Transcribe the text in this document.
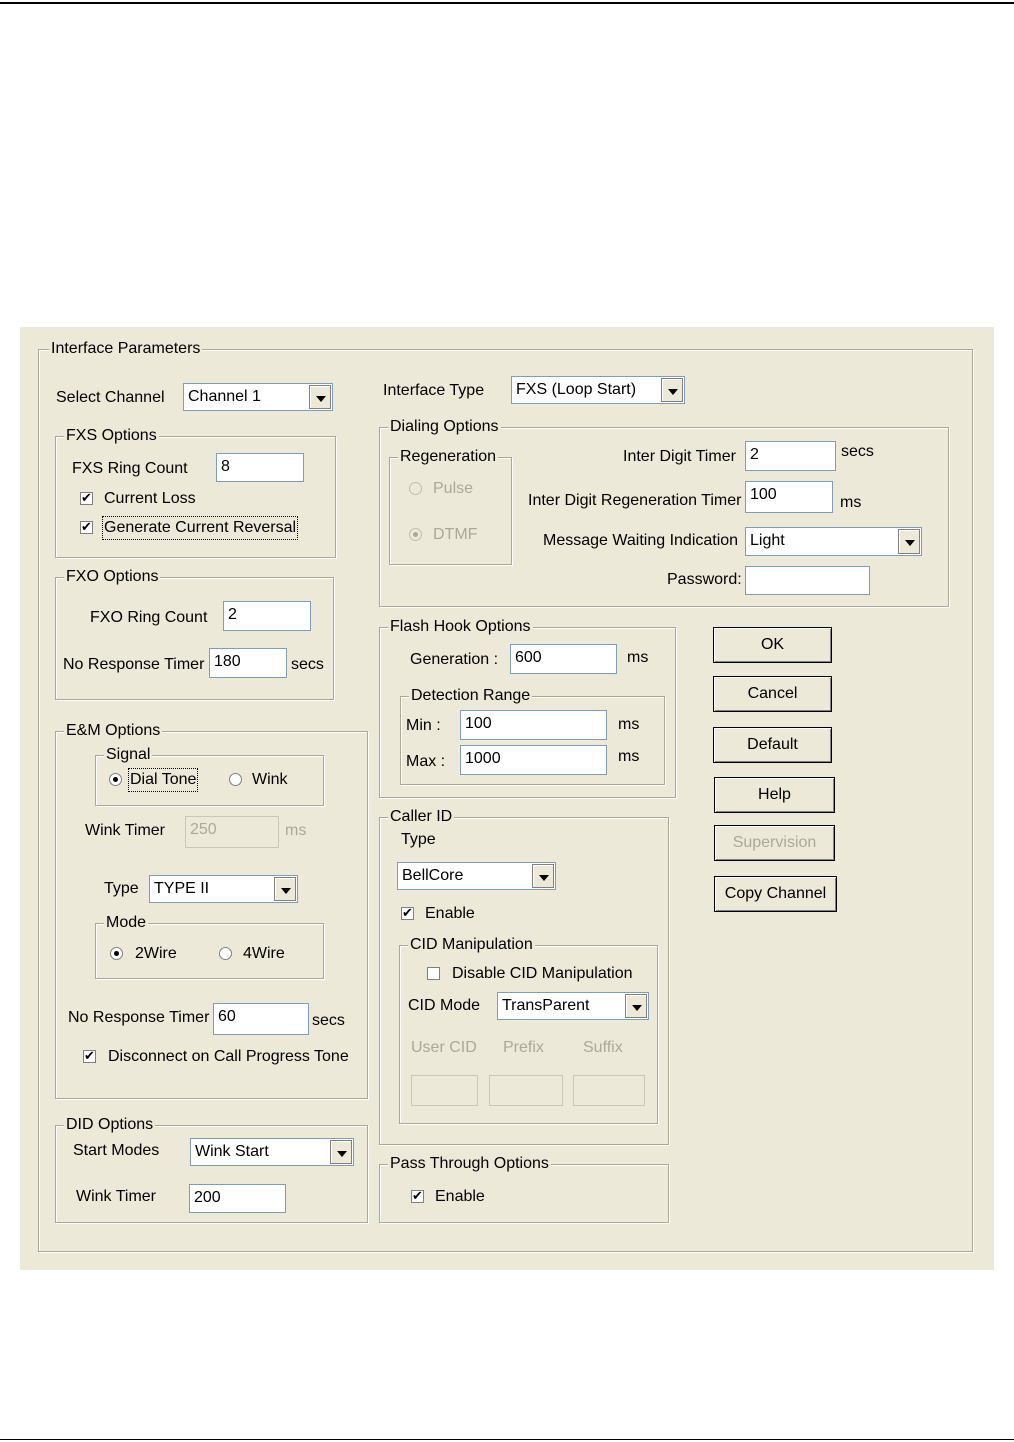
Interface Parameters
Select Channel	Channel 1	Interface Type	FXS (Loop Start)
FXS Options
FXS Ring Count	8
✔
Current Loss
✔
Generate Current Reversal
FXO Options
FXO Ring Count	2
No Response Timer 180	secs
E&M Options
Signal
Dial Tone	Wink
Wink Timer	250	ms
Type TYPE II
Mode
2Wire	4Wire
No Response Timer 60	secs
✔
Disconnect on Call Progress Tone
DID Options
Start Modes	Wink Start
Wink Timer	200
Dialing Options
Regeneration
Pulse
DTMF
Inter Digit Timer 2	secs
Inter Digit Regeneration Timer 100	ms
Message Waiting Indication Light
Password:
Flash Hook Options
Generation :	600	ms
Detection Range
Min :	100	ms
Max :	1000	ms
Caller ID
Type
BellCore
✔
Enable
CID Manipulation
Disable CID Manipulation
CID Mode	TransParent
User CID Prefix Suffix
Pass Through Options
✔
Enable
OK
Cancel
Default
Help
Supervision
Copy Channel
